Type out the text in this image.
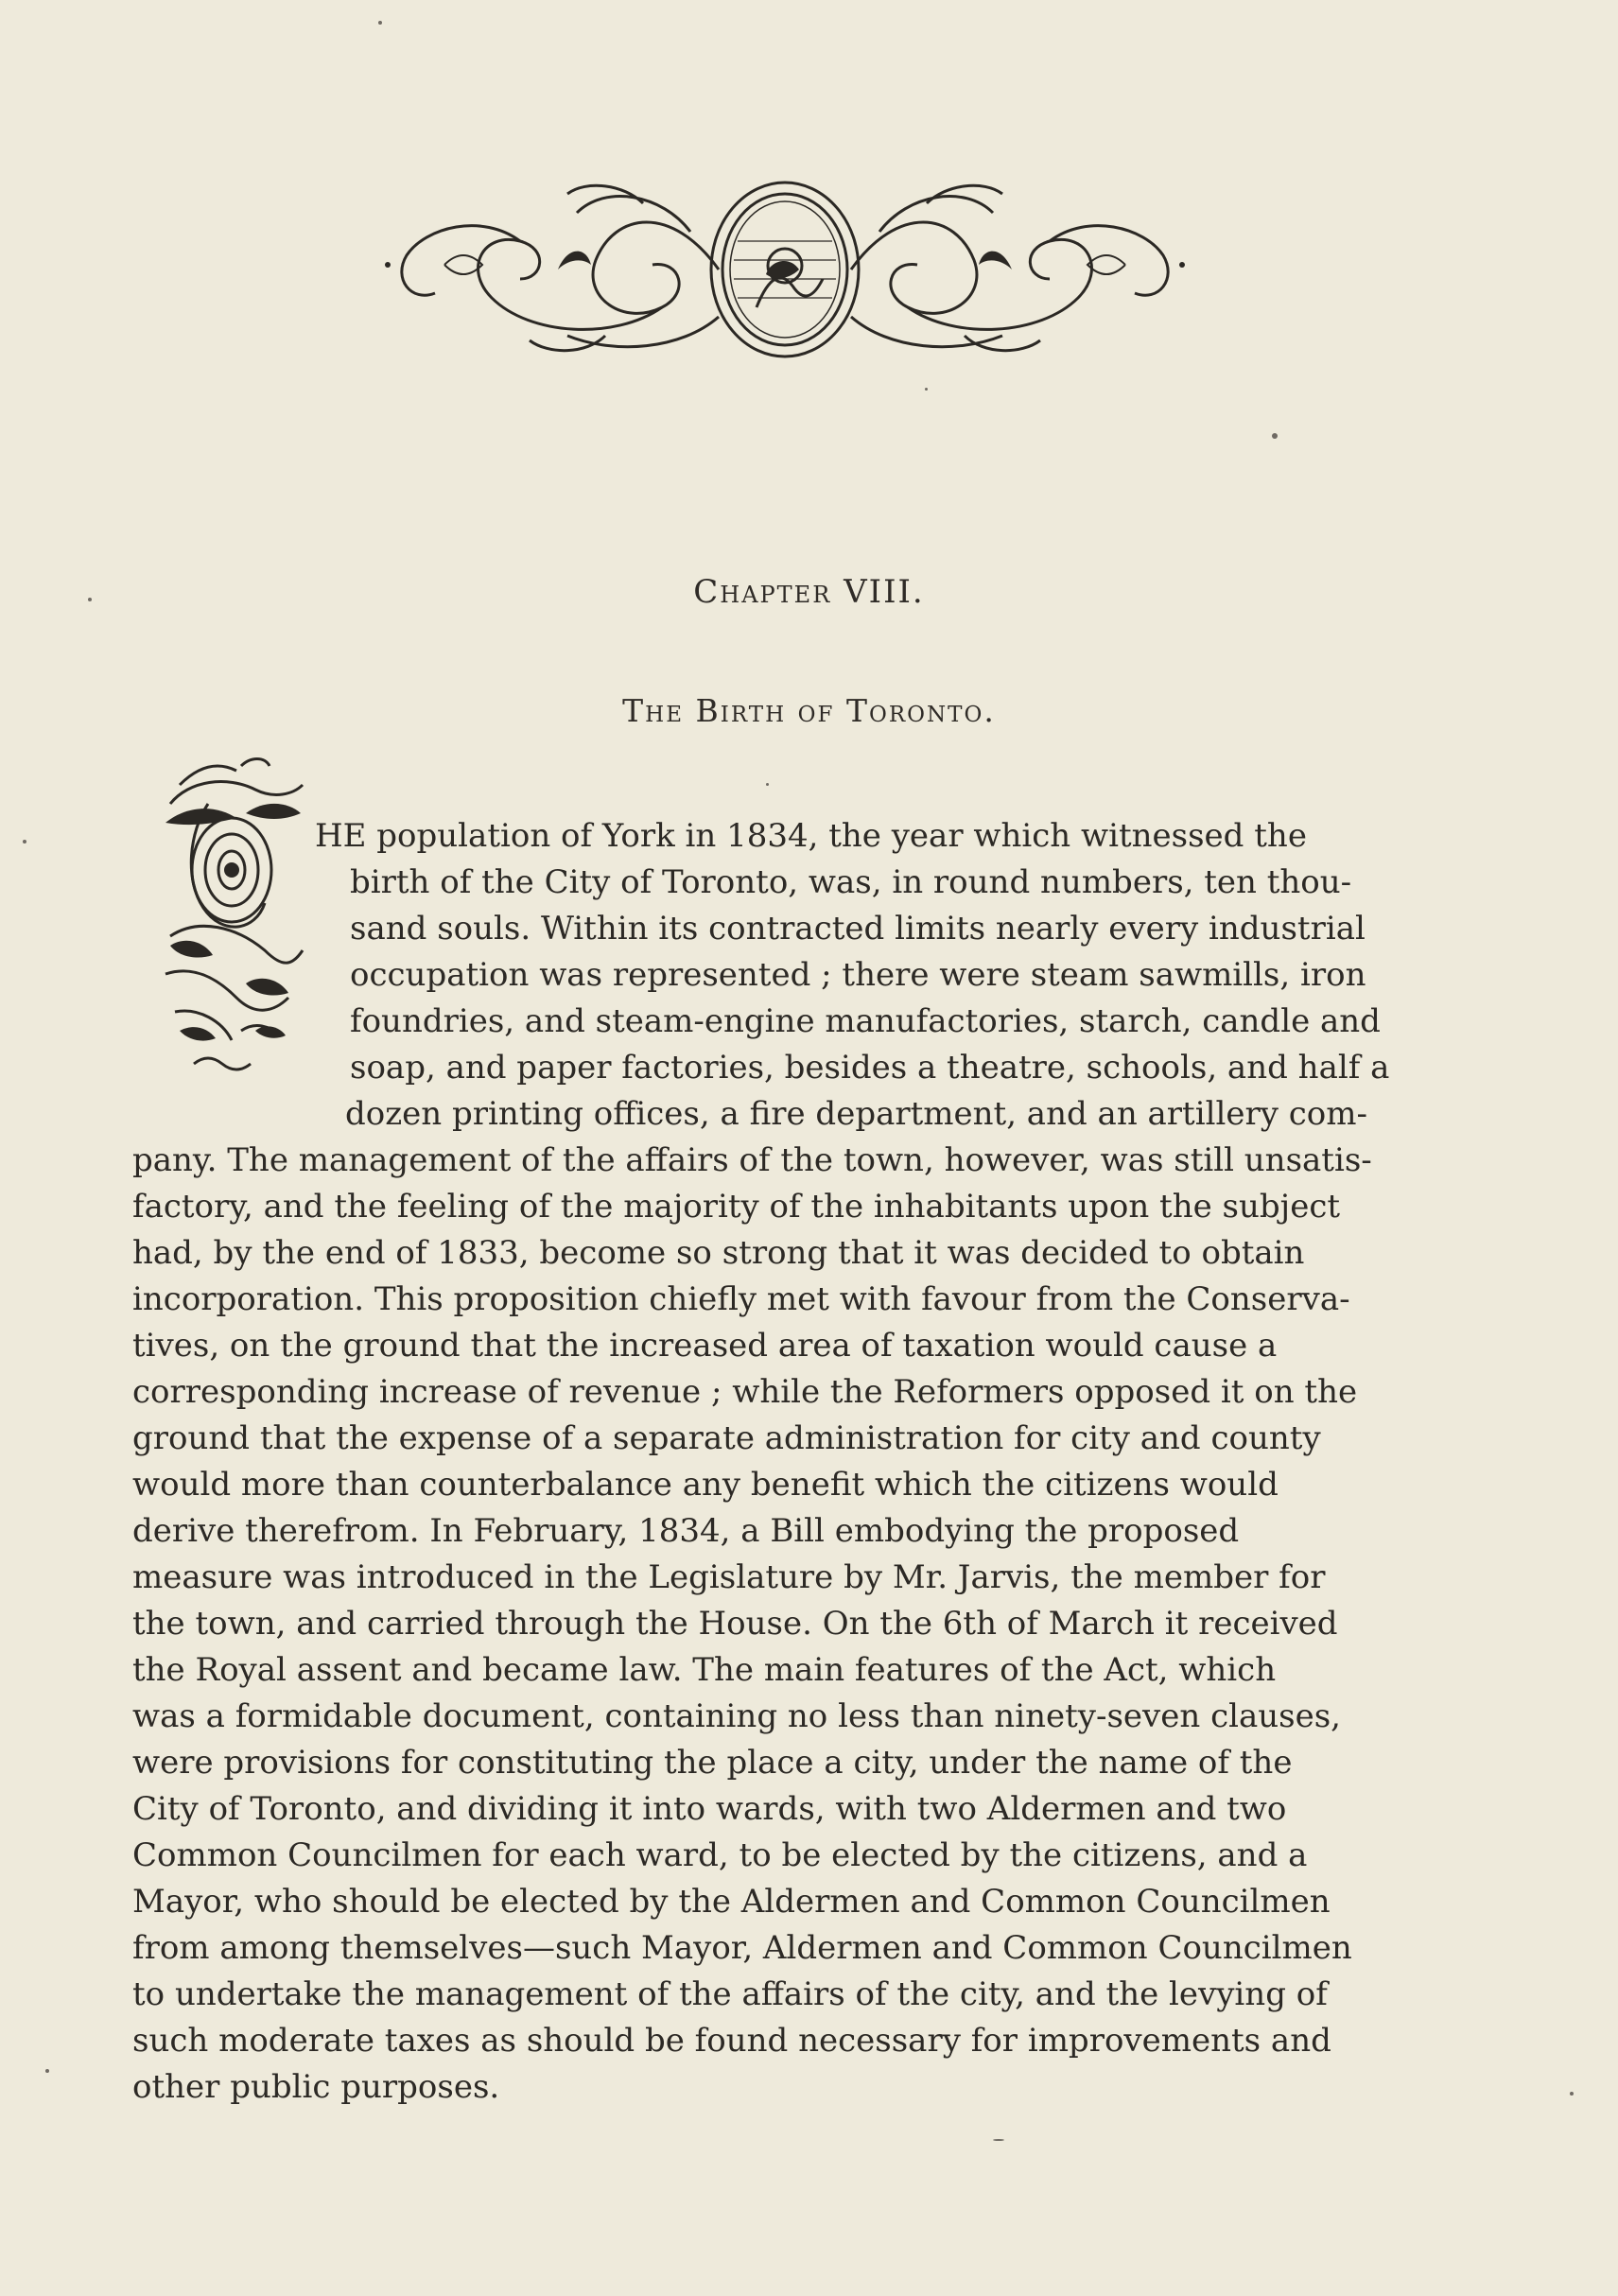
Chapter VIII.
The Birth of Toronto.
HE population of York in 1834, the year which witnessed the
birth of the City of Toronto, was, in round numbers, ten thou-
sand souls. Within its contracted limits nearly every industrial
occupation was represented ; there were steam sawmills, iron
foundries, and steam-engine manufactories, starch, candle and
soap, and paper factories, besides a theatre, schools, and half a
dozen printing offices, a fire department, and an artillery com-
pany. The management of the affairs of the town, however, was still unsatis-
factory, and the feeling of the majority of the inhabitants upon the subject
had, by the end of 1833, become so strong that it was decided to obtain
incorporation. This proposition chiefly met with favour from the Conserva-
tives, on the ground that the increased area of taxation would cause a
corresponding increase of revenue ; while the Reformers opposed it on the
ground that the expense of a separate administration for city and county
would more than counterbalance any benefit which the citizens would
derive therefrom. In February, 1834, a Bill embodying the proposed
measure was introduced in the Legislature by Mr. Jarvis, the member for
the town, and carried through the House. On the 6th of March it received
the Royal assent and became law. The main features of the Act, which
was a formidable document, containing no less than ninety-seven clauses,
were provisions for constituting the place a city, under the name of the
City of Toronto, and dividing it into wards, with two Aldermen and two
Common Councilmen for each ward, to be elected by the citizens, and a
Mayor, who should be elected by the Aldermen and Common Councilmen
from among themselves—such Mayor, Aldermen and Common Councilmen
to undertake the management of the affairs of the city, and the levying of
such moderate taxes as should be found necessary for improvements and
other public purposes.
